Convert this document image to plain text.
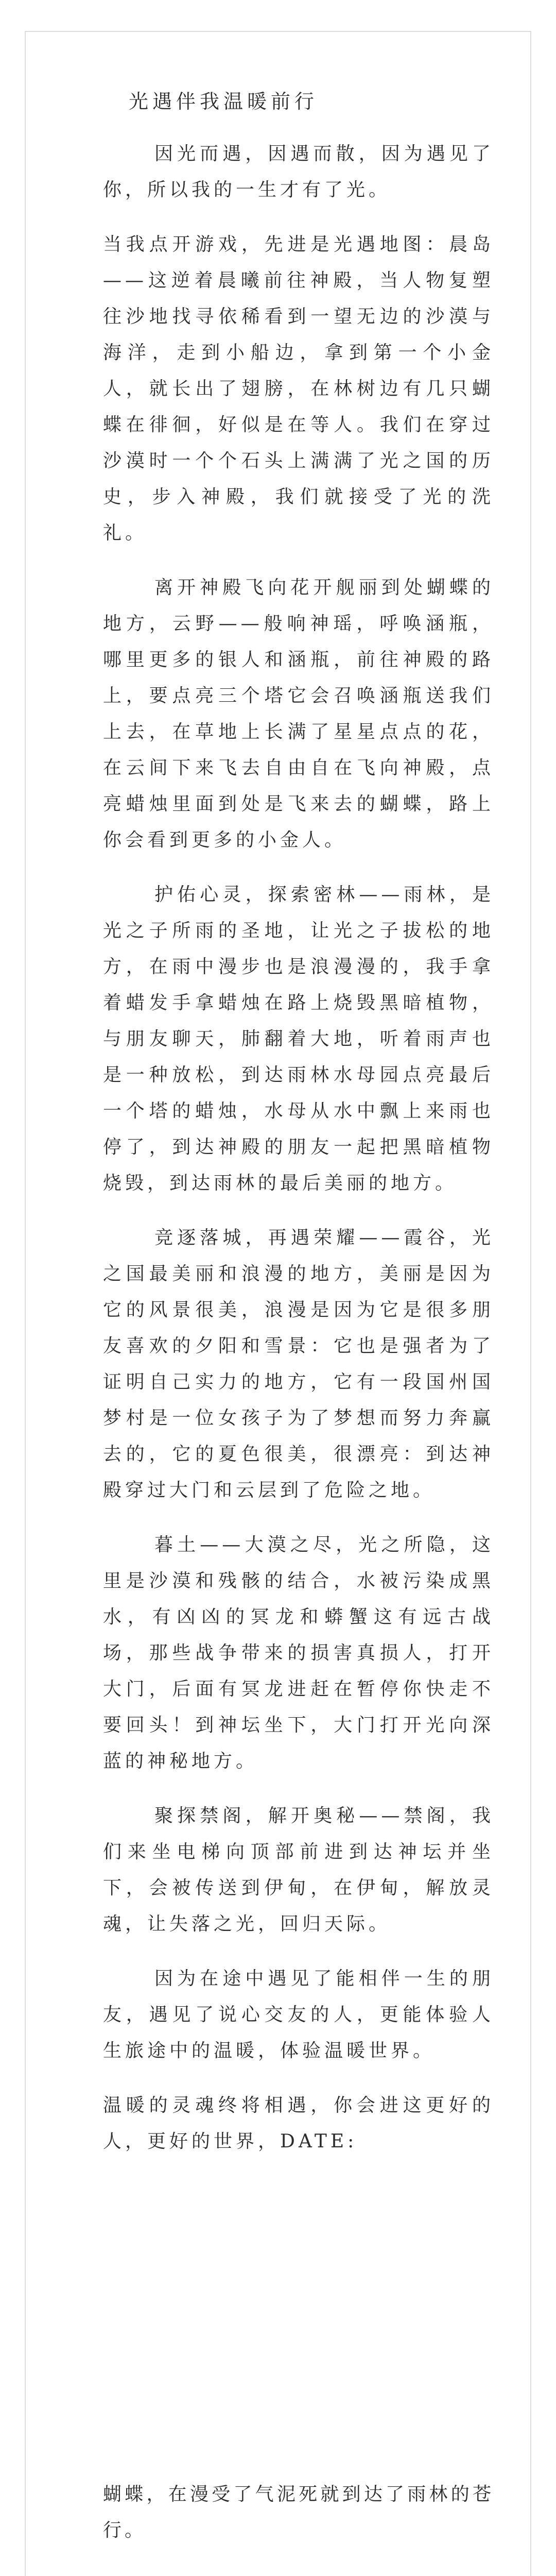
光遇伴我温暖前行

因光而遇，因遇而散，因为遇见了你，所以我的一生才有了光。

当我点开游戏，先进是光遇地图：晨岛——这逆着晨曦前往神殿，当人物复塑往沙地找寻依稀看到一望无边的沙漠与海洋，走到小船边，拿到第一个小金人，就长出了翅膀，在林树边有几只蝴蝶在徘徊，好似是在等人。我们在穿过沙漠时一个个石头上满满了光之国的历史，步入神殿，我们就接受了光的洗礼。

离开神殿飞向花开舰丽到处蝴蝶的地方，云野——般响神瑶，呼唤涵瓶，哪里更多的银人和涵瓶，前往神殿的路上，要点亮三个塔它会召唤涵瓶送我们上去，在草地上长满了星星点点的花，在云间下来飞去自由自在飞向神殿，点亮蜡烛里面到处是飞来去的蝴蝶，路上你会看到更多的小金人。

护佑心灵，探索密林——雨林，是光之子所雨的圣地，让光之子拔松的地方，在雨中漫步也是浪漫漫的，我手拿着蜡发手拿蜡烛在路上烧毁黑暗植物，与朋友聊天，肺翻着大地，听着雨声也是一种放松，到达雨林水母园点亮最后一个塔的蜡烛，水母从水中飘上来雨也停了，到达神殿的朋友一起把黑暗植物烧毁，到达雨林的最后美丽的地方。

竞逐落城，再遇荣耀——霞谷，光之国最美丽和浪漫的地方，美丽是因为它的风景很美，浪漫是因为它是很多朋友喜欢的夕阳和雪景：它也是强者为了证明自己实力的地方，它有一段国州国梦村是一位女孩子为了梦想而努力奔赢去的，它的夏色很美，很漂亮：到达神殿穿过大门和云层到了危险之地。

暮土——大漠之尽，光之所隐，这里是沙漠和残骸的结合，水被污染成黑水，有凶凶的冥龙和蟒蟹这有远古战场，那些战争带来的损害真损人，打开大门，后面有冥龙进赶在暂停你快走不要回头！到神坛坐下，大门打开光向深蓝的神秘地方。

聚探禁阁，解开奥秘——禁阁，我们来坐电梯向顶部前进到达神坛并坐下，会被传送到伊甸，在伊甸，解放灵魂，让失落之光，回归天际。

因为在途中遇见了能相伴一生的朋友，遇见了说心交友的人，更能体验人生旅途中的温暖，体验温暖世界。

温暖的灵魂终将相遇，你会进这更好的人，更好的世界，DATE:

蝴蝶，在漫受了气泥死就到达了雨林的苍行。
